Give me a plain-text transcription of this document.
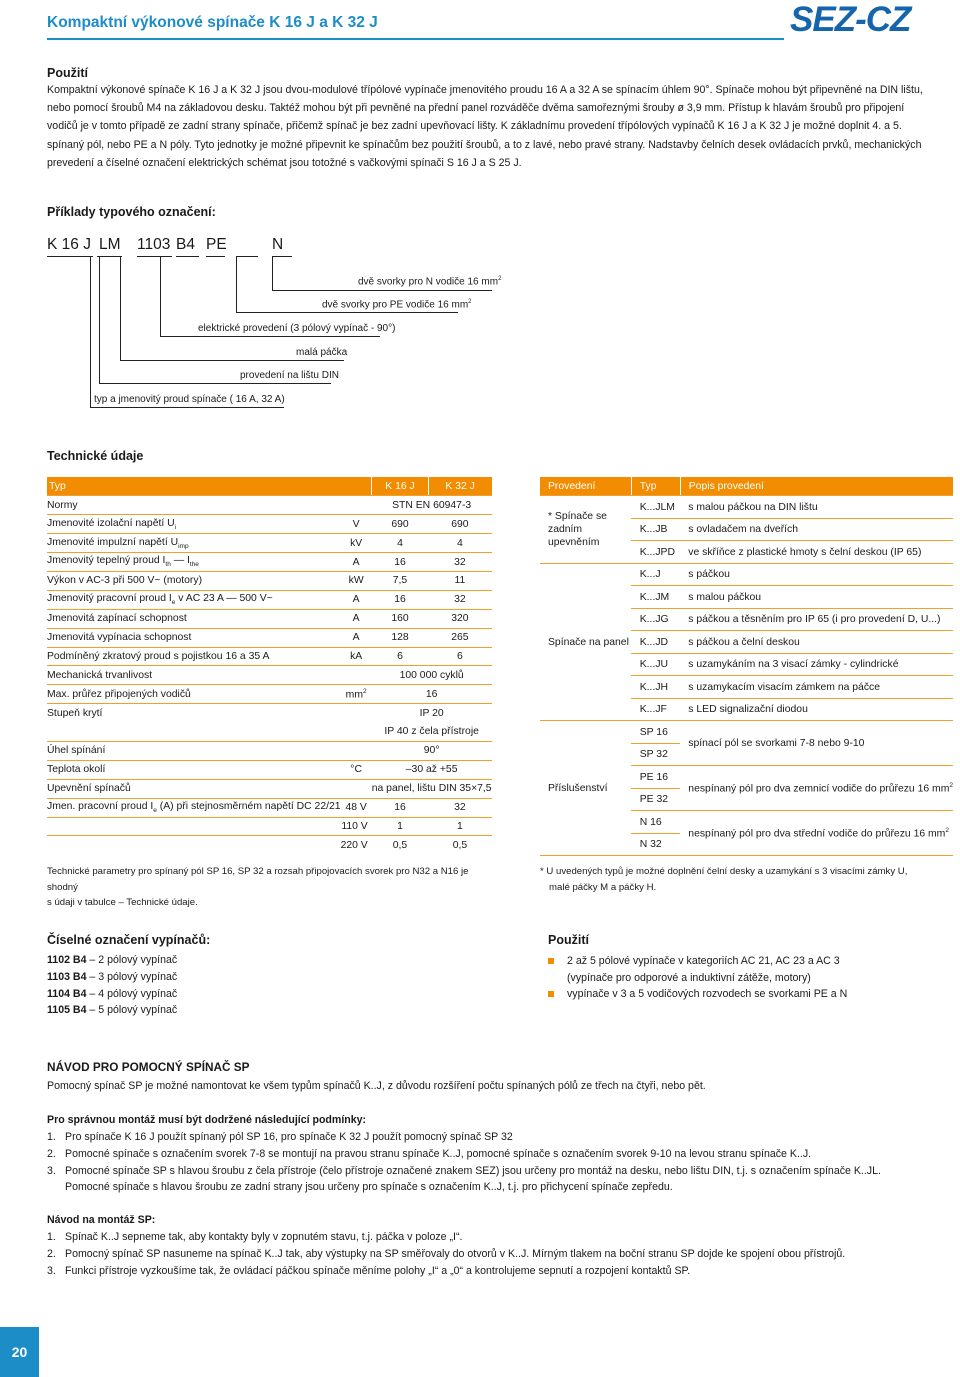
Kompaktní výkonové spínače K 16 J a K 32 J	SEZ-CZ
Použití
Kompaktní výkonové spínače K 16 J a K 32 J jsou dvou-modulové třípólové vypínače jmenovitého proudu 16 A a 32 A se spínacím úhlem 90°. Spínače mohou být připevněné na DIN lištu,
nebo pomocí šroubů M4 na základovou desku. Taktéž mohou být při pevněné na přední panel rozváděče dvěma samořeznými šrouby ø 3,9 mm. Přístup k hlavám šroubů pro připojení
vodičů je v tomto případě ze zadní strany spínače, přičemž spínač je bez zadní upevňovací lišty. K základnímu provedení třípólových vypínačů K 16 J a K 32 J je možné doplnit 4. a 5.
spínaný pól, nebo PE a N póly. Tyto jednotky je možné připevnit ke spínačům bez použití šroubů, a to z lavé, nebo pravé strany. Nadstavby čelních desek ovládacích prvků, mechanických
prevedení a číselné označení elektrických schémat jsou totožné s vačkovými spínači S 16 J a S 25 J.
Příklady typového označení:
K 16 J LM 1103 B4 PE	N
dvě svorky pro N vodiče 16 $mm^2$
dvě svorky pro PE vodiče 16 $mm^2$
elektrické provedení (3 pólový vypínač - 90°)
malá páčka
provedení na lištu DIN
typ a jmenovitý proud spínače ( 16 A, 32 A)
Technické údaje
Typ		K 16 J	K 32 J
Normy		STN EN 60947-3	
Jmenovité izolační napětí $U_i$	V	690	690
Jmenovité impulzní napětí $U_{imp}$	kV	4	4
Jmenovitý tepelný proud $I_{th}$ — $I_{the}$	A	16	32
Výkon v AC-3 při 500 V~ (motory)	kW	7,5	11
Jmenovitý pracovní proud $I_e$ v AC 23 A — 500 V~	A	16	32
Jmenovitá zapínací schopnost	A	160	320
Jmenovitá vypínacia schopnost	A	128	265
Podmíněný zkratový proud s pojistkou 16 a 35 A	kA	6	6
Mechanická trvanlivost		100 000 cyklů	
Max. průřez připojených vodičů	$mm^2$	16	
Stupeň krytí		IP 20	
		IP 40 z čela přístroje	
Úhel spínání		90°	
Teplota okolí	°C	–30 až +55	
Upevnění spínačů		na panel, lištu DIN 35×7,5	
Jmen. pracovní proud $I_e$ (A) při stejnosměrném napětí DC 22/21	48 V	16	32
	110 V	1	1
	220 V	0,5	0,5
Technické parametry pro spínaný pól SP 16, SP 32 a rozsah připojovacích svorek pro N32 a N16 je shodný
s údaji v tabulce – Technické údaje.
Provedení	Typ	Popis provedení
* Spínače se zadním upevněním	K...JLM	s malou páčkou na DIN lištu
	K...JB	s ovladačem na dveřích
	K...JPD	ve skříňce z plastické hmoty s čelní deskou (IP 65)
Spínače na panel	K...J	s páčkou
	K...JM	s malou páčkou
	K...JG	s páčkou a těsněním pro IP 65 (i pro provedení D, U...)
	K...JD	s páčkou a čelní deskou
	K...JU	s uzamykáním na 3 visací zámky - cylindrické
	K...JH	s uzamykacím visacím zámkem na páčce
	K...JF	s LED signalizační diodou
Příslušenství	SP 16	spínací pól se svorkami 7-8 nebo 9-10
	SP 32	
	PE 16	nespínaný pól pro dva zemnicí vodiče do průřezu 16 $mm^2$
	PE 32	
	N 16	nespínaný pól pro dva střední vodiče do průřezu 16 $mm^2$
	N 32	
* U uvedených typů je možné doplnění čelní desky a uzamykání s 3 visacími zámky U,
malé páčky M a páčky H.
Číselné označení vypínačů:
1102 B4 – 2 pólový vypínač
1103 B4 – 3 pólový vypínač
1104 B4 – 4 pólový vypínač
1105 B4 – 5 pólový vypínač
Použití
2 až 5 pólové vypínače v kategoriích AC 21, AC 23 a AC 3
(vypínače pro odporové a induktivní zátěže, motory)
vypínače v 3 a 5 vodičových rozvodech se svorkami PE a N
NÁVOD PRO POMOCNÝ SPÍNAČ SP
Pomocný spínač SP je možné namontovat ke všem typům spínačů K..J, z důvodu rozšíření počtu spínaných pólů ze třech na čtyři, nebo pět.
Pro správnou montáž musí být dodržené následující podmínky:
1. Pro spínače K 16 J použít spínaný pól SP 16, pro spínače K 32 J použít pomocný spínač SP 32
2. Pomocné spínače s označením svorek 7-8 se montují na pravou stranu spínače K..J, pomocné spínače s označením svorek 9-10 na levou stranu spínače K..J.
3. Pomocné spínače SP s hlavou šroubu z čela přístroje (čelo přístroje označené znakem SEZ) jsou určeny pro montáž na desku, nebo lištu DIN, t.j. s označením spínače K..JL.
Pomocné spínače s hlavou šroubu ze zadní strany jsou určeny pro spínače s označením K..J, t.j. pro přichycení spínače zepředu.
Návod na montáž SP:
1. Spínač K..J sepneme tak, aby kontakty byly v zopnutém stavu, t.j. páčka v poloze „I“.
2. Pomocný spínač SP nasuneme na spínač K..J tak, aby výstupky na SP směřovaly do otvorů v K..J. Mírným tlakem na boční stranu SP dojde ke spojení obou přístrojů.
3. Funkci přístroje vyzkoušíme tak, že ovládací páčkou spínače měníme polohy „I“ a „0“ a kontrolujeme sepnutí a rozpojení kontaktů SP.
20
